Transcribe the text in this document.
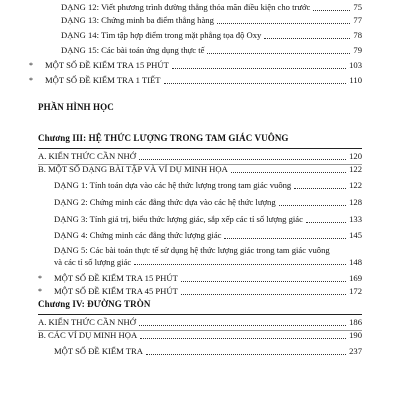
DẠNG 12: Viết phương trình đường thẳng thỏa mãn điều kiện cho trước	75
DẠNG 13: Chứng minh ba điểm thẳng hàng	77
DẠNG 14: Tìm tập hợp điểm trong mặt phẳng tọa độ Oxy	78
DẠNG 15: Các bài toán ứng dụng thực tế	79
*	MỘT SỐ ĐỀ KIỂM TRA 15 PHÚT	103
*	MỘT SỐ ĐỀ KIỂM TRA 1 TIẾT	110
PHẦN HÌNH HỌC
Chương III: HỆ THỨC LƯỢNG TRONG TAM GIÁC VUÔNG
A. KIẾN THỨC CẦN NHỚ	120
B. MỘT SỐ DẠNG BÀI TẬP VÀ VÍ DỤ MINH HỌA	122
DẠNG 1: Tính toán dựa vào các hệ thức lượng trong tam giác vuông	122
DẠNG 2: Chứng minh các đẳng thức dựa vào các hệ thức lượng	128
DẠNG 3: Tính giá trị, biểu thức lượng giác, sắp xếp các tỉ số lượng giác	133
DẠNG 4: Chứng minh các đẳng thức lượng giác	145
DẠNG 5: Các bài toán thực tế sử dụng hệ thức lượng giác trong tam giác vuông
và các tỉ số lượng giác	148
*	MỘT SỐ ĐỀ KIỂM TRA 15 PHÚT	169
*	MỘT SỐ ĐỀ KIỂM TRA 45 PHÚT	172
Chương IV: ĐƯỜNG TRÒN
A. KIẾN THỨC CẦN NHỚ	186
B. CÁC VÍ DỤ MINH HỌA	190
MỘT SỐ ĐỀ KIỂM TRA	237
